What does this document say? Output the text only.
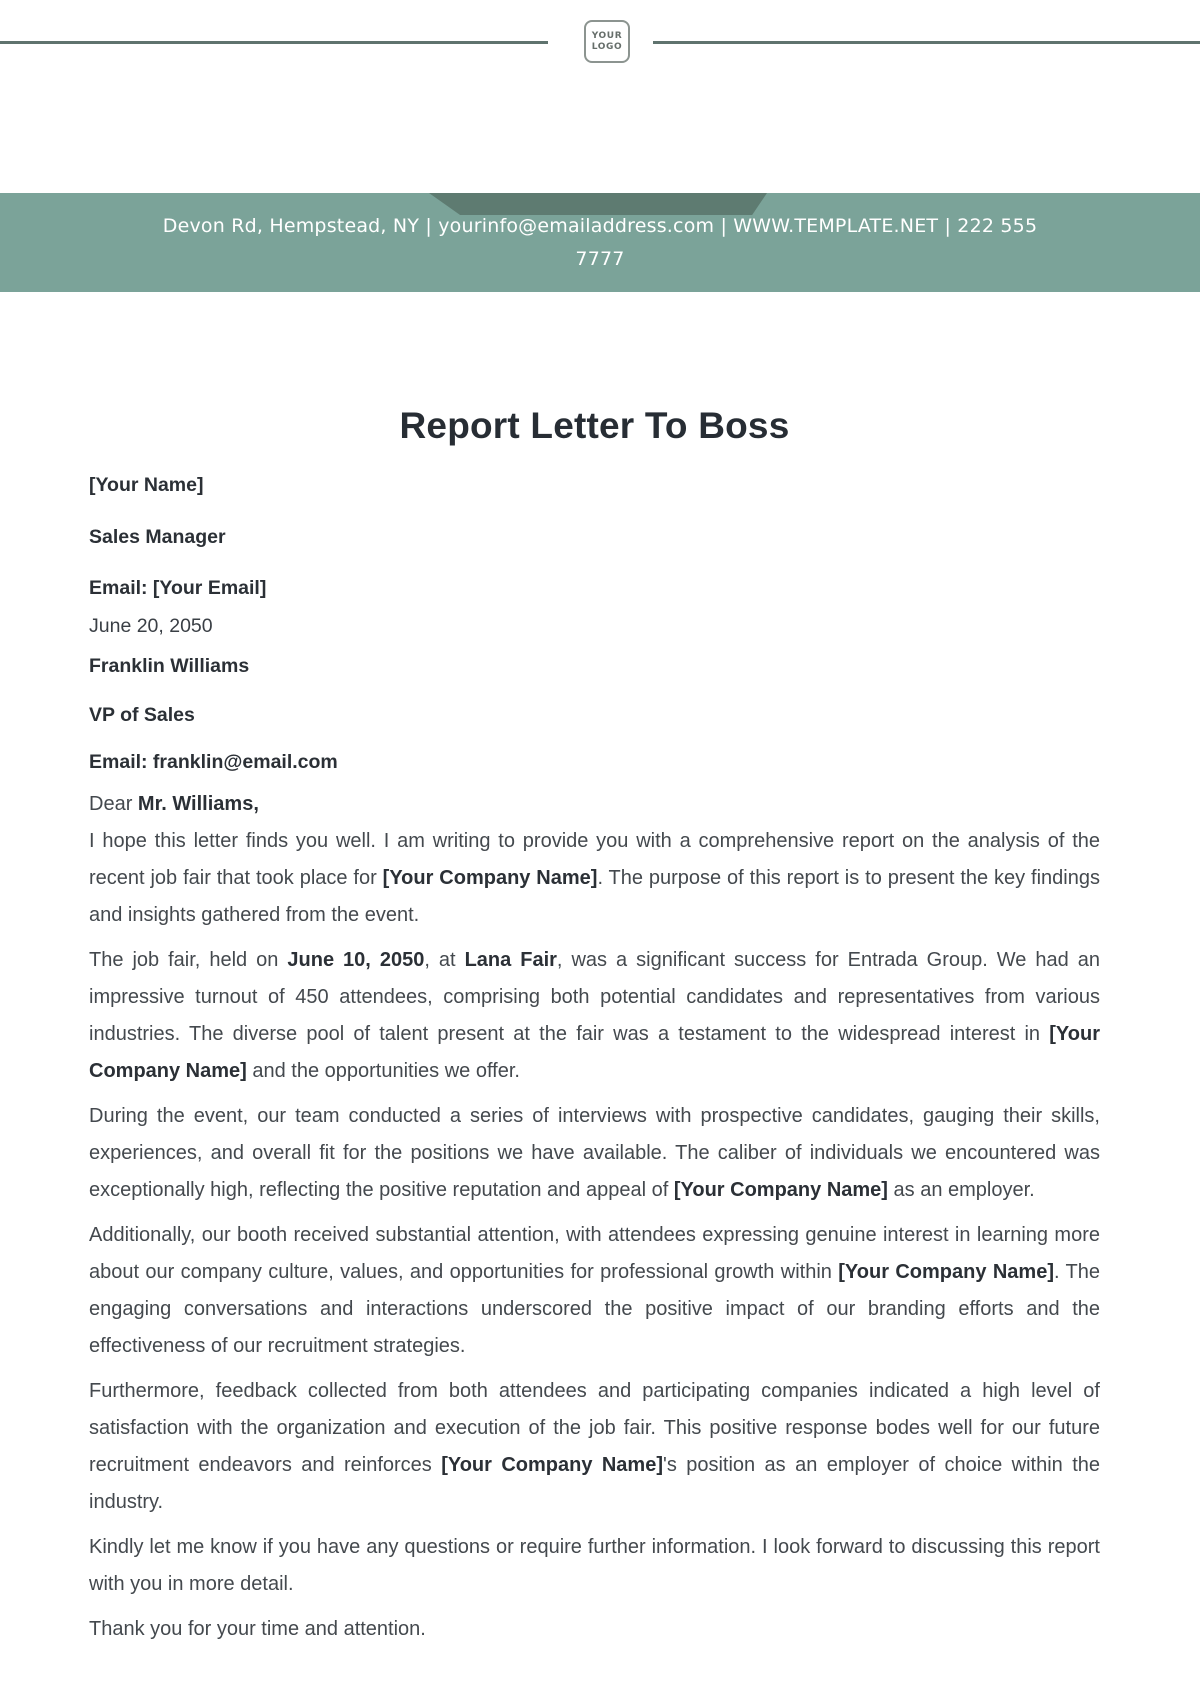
YOUR
LOGO
Devon Rd, Hempstead, NY | yourinfo@emailaddress.com | WWW.TEMPLATE.NET | 222 555
7777
Report Letter To Boss
[Your Name]
Sales Manager
Email: [Your Email]
June 20, 2050
Franklin Williams
VP of Sales
Email: franklin@email.com

Dear Mr. Williams,

I hope this letter finds you well. I am writing to provide you with a comprehensive report on the analysis of the recent job fair that took place for [Your Company Name]. The purpose of this report is to present the key findings and insights gathered from the event.

The job fair, held on June 10, 2050, at Lana Fair, was a significant success for Entrada Group. We had an impressive turnout of 450 attendees, comprising both potential candidates and representatives from various industries. The diverse pool of talent present at the fair was a testament to the widespread interest in [Your Company Name] and the opportunities we offer.

During the event, our team conducted a series of interviews with prospective candidates, gauging their skills, experiences, and overall fit for the positions we have available. The caliber of individuals we encountered was exceptionally high, reflecting the positive reputation and appeal of [Your Company Name] as an employer.

Additionally, our booth received substantial attention, with attendees expressing genuine interest in learning more about our company culture, values, and opportunities for professional growth within [Your Company Name]. The engaging conversations and interactions underscored the positive impact of our branding efforts and the effectiveness of our recruitment strategies.

Furthermore, feedback collected from both attendees and participating companies indicated a high level of satisfaction with the organization and execution of the job fair. This positive response bodes well for our future recruitment endeavors and reinforces [Your Company Name]'s position as an employer of choice within the industry.

Kindly let me know if you have any questions or require further information. I look forward to discussing this report with you in more detail.

Thank you for your time and attention.
